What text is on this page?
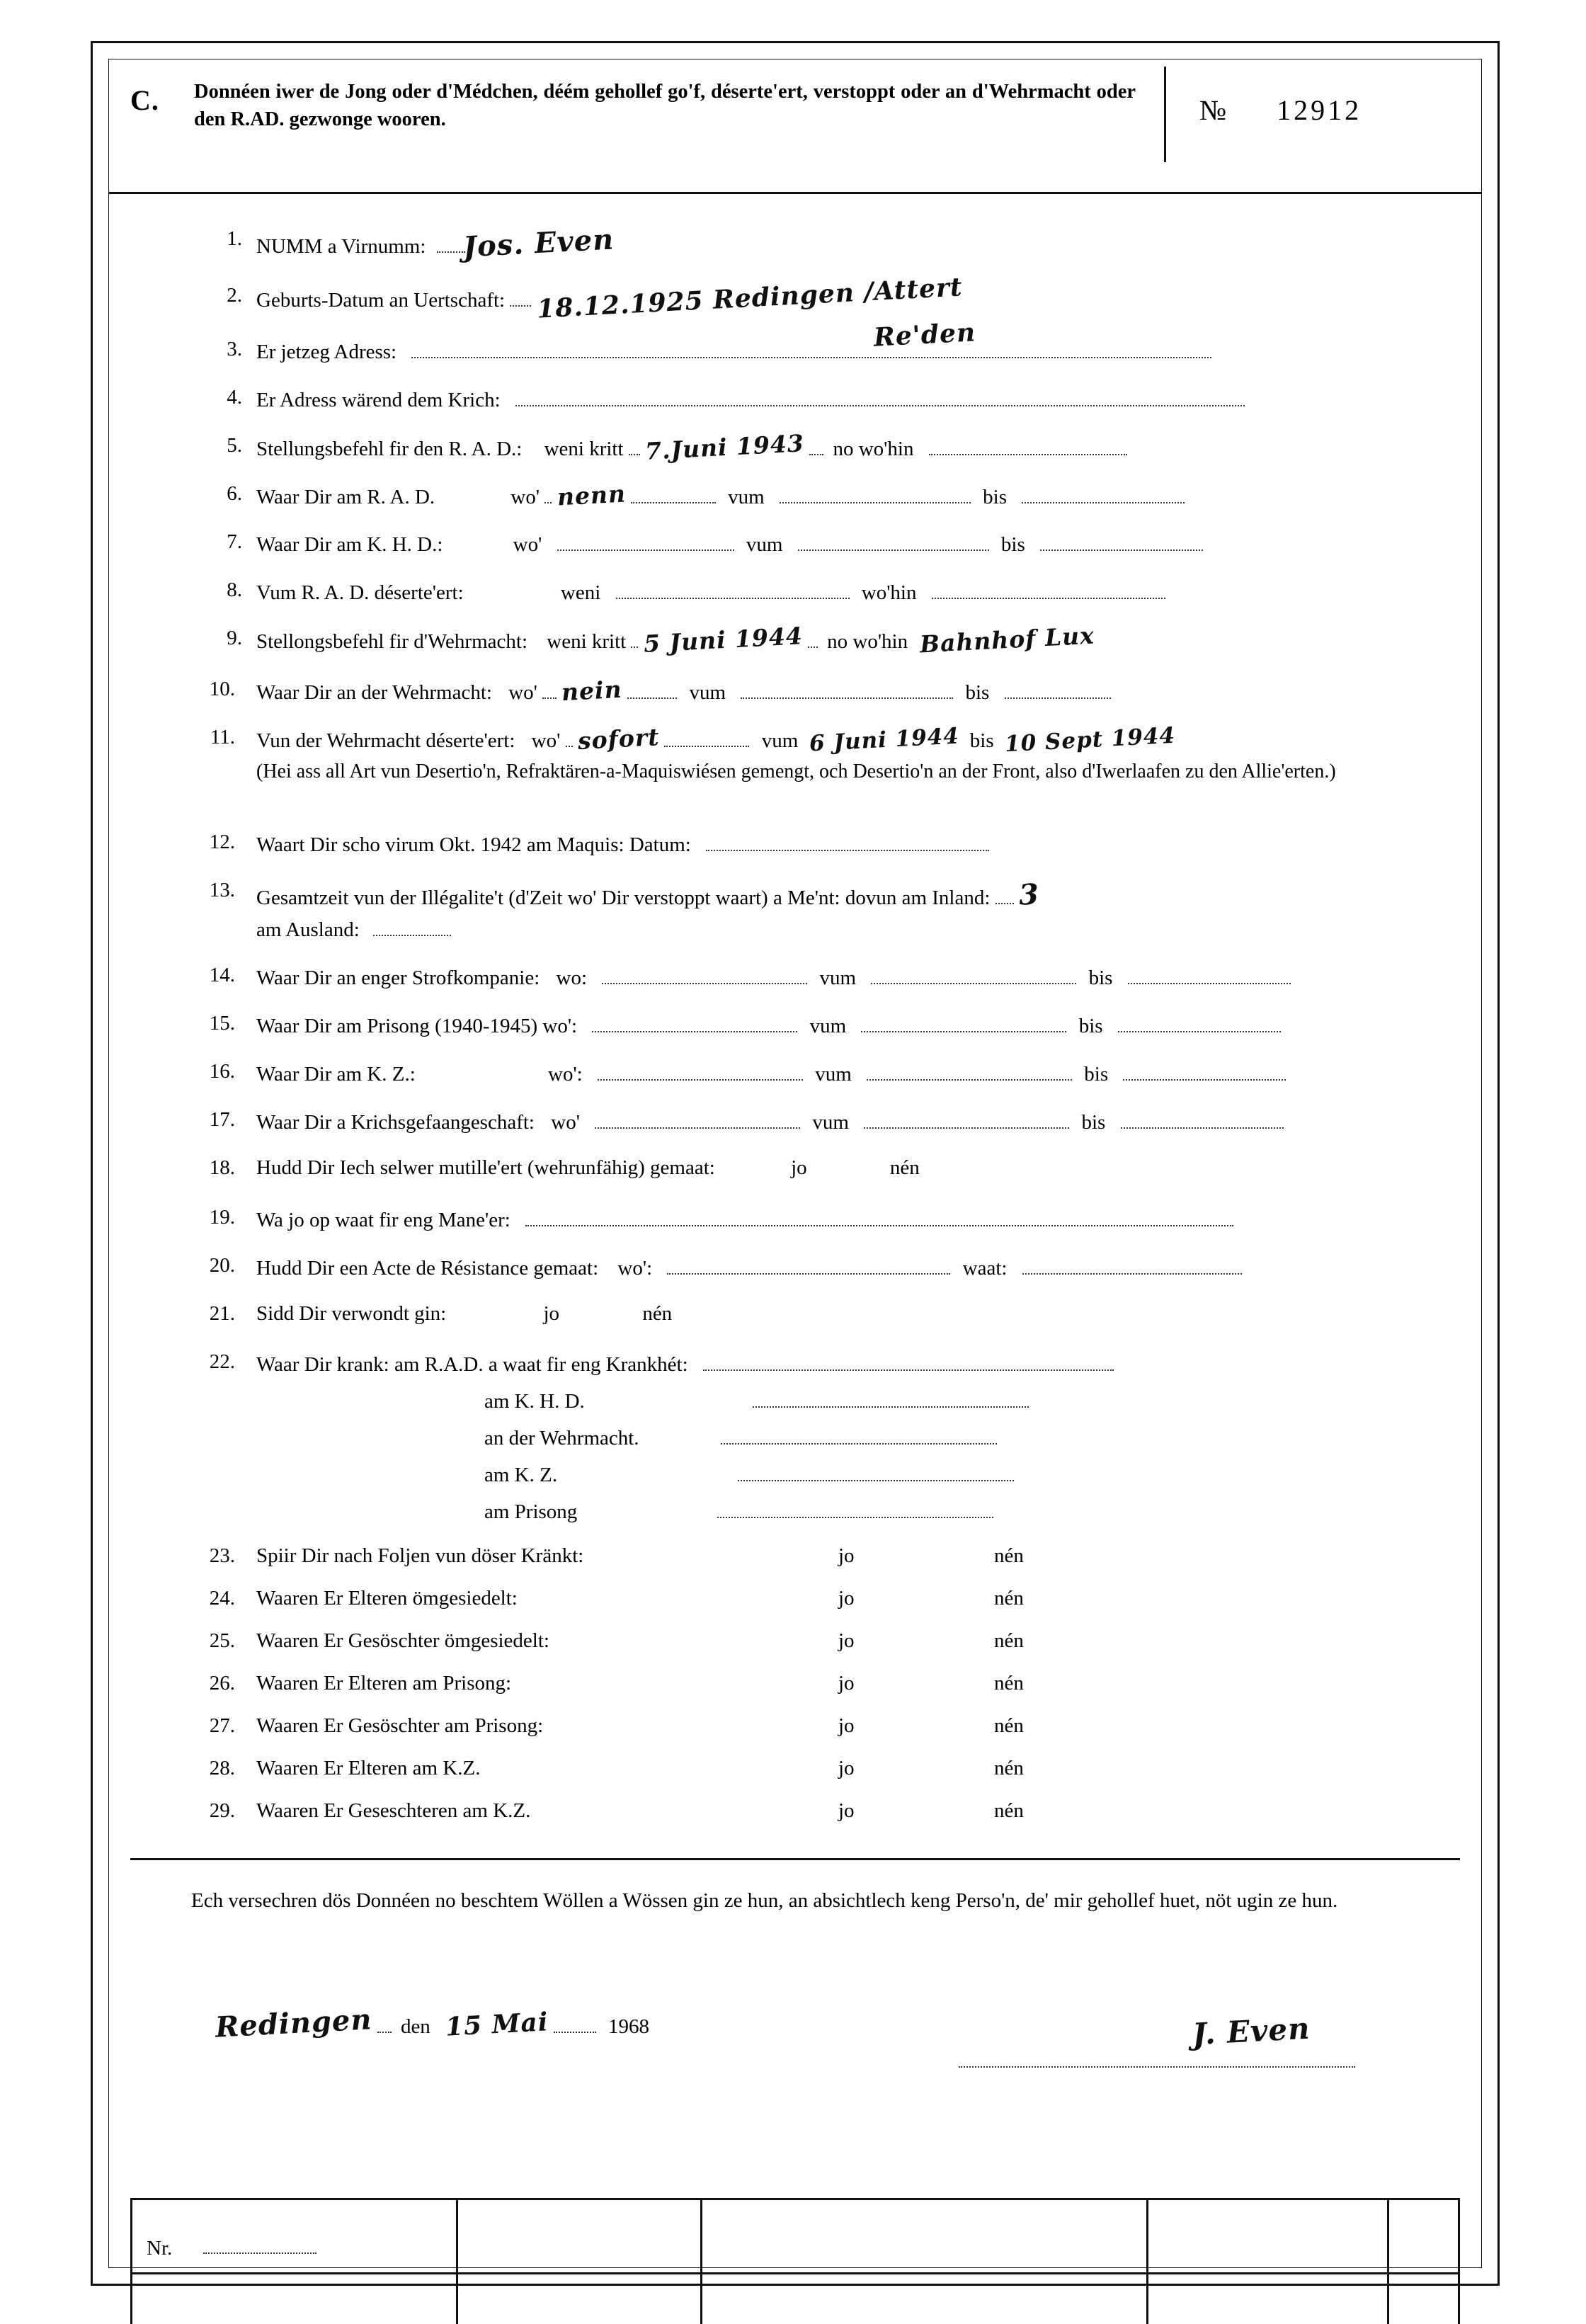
C. Donnéen iwer de Jong oder d'Médchen, déém gehollef go'f, déserte'ert, verstoppt oder an d'Wehrmacht oder den R.AD. gezwonge wooren.	№ 12912
1. NUMM a Virnumm: Jos. Even
2. Geburts-Datum an Uertschaft: 18.12.1925 Redingen /Attert
3. Er jetzeg Adress:	Re'den
4. Er Adress wärend dem Krich:
5. Stellungsbefehl fir den R. A. D.: weni kritt 7.Juni 1943 no wo'hin
6. Waar Dir am R. A. D.	wo' nenn	vum	bis
7. Waar Dir am K. H. D.:	wo'	vum	bis
8. Vum R. A. D. déserte'ert:	weni	wo'hin
9. Stellongsbefehl fir d'Wehrmacht: weni kritt 5 Juni 1944 no wo'hin Bahnhof Lux
10. Waar Dir an der Wehrmacht: wo' nein	vum	bis
11. Vun der Wehrmacht déserte'ert: wo' sofort	vum 6 Juni 1944 bis 10 Sept 1944
(Hei ass all Art vun Desertio'n, Refraktären-a-Maquiswiésen gemengt, och Desertio'n an der Front, also d'Iwerlaafen zu den Allie'erten.)
12. Waart Dir scho virum Okt. 1942 am Maquis: Datum:
13. Gesamtzeit vun der Illégalite't (d'Zeit wo' Dir verstoppt waart) a Me'nt: dovun am Inland: 3
am Ausland:
14. Waar Dir an enger Strofkompanie: wo:	vum	bis
15. Waar Dir am Prisong (1940-1945) wo':	vum	bis
16. Waar Dir am K. Z.:	wo':	vum	bis
17. Waar Dir a Krichsgefaangeschaft: wo'	vum	bis
18. Hudd Dir Iech selwer mutille'ert (wehrunfähig) gemaat:	jo	nén
19. Wa jo op waat fir eng Mane'er:
20. Hudd Dir een Acte de Résistance gemaat: wo':	waat:
21. Sidd Dir verwondt gin:	jo	nén
22. Waar Dir krank: am R.A.D. a waat fir eng Krankhét:
am K. H. D.
an der Wehrmacht.
am K. Z.
am Prisong
23. Spiir Dir nach Foljen vun döser Kränkt:	jo	nén
24. Waaren Er Elteren ömgesiedelt:	jo	nén
25. Waaren Er Gesöschter ömgesiedelt:	jo	nén
26. Waaren Er Elteren am Prisong:	jo	nén
27. Waaren Er Gesöschter am Prisong:	jo	nén
28. Waaren Er Elteren am K.Z.	jo	nén
29. Waaren Er Geseschteren am K.Z.	jo	nén
Ech versechren dös Donnéen no beschtem Wöllen a Wössen gin ze hun, an absichtlech keng Perso'n, de' mir gehollef huet, nöt ugin ze hun.
Redingen den 15 Mai	1968	J. Even
Nr.
